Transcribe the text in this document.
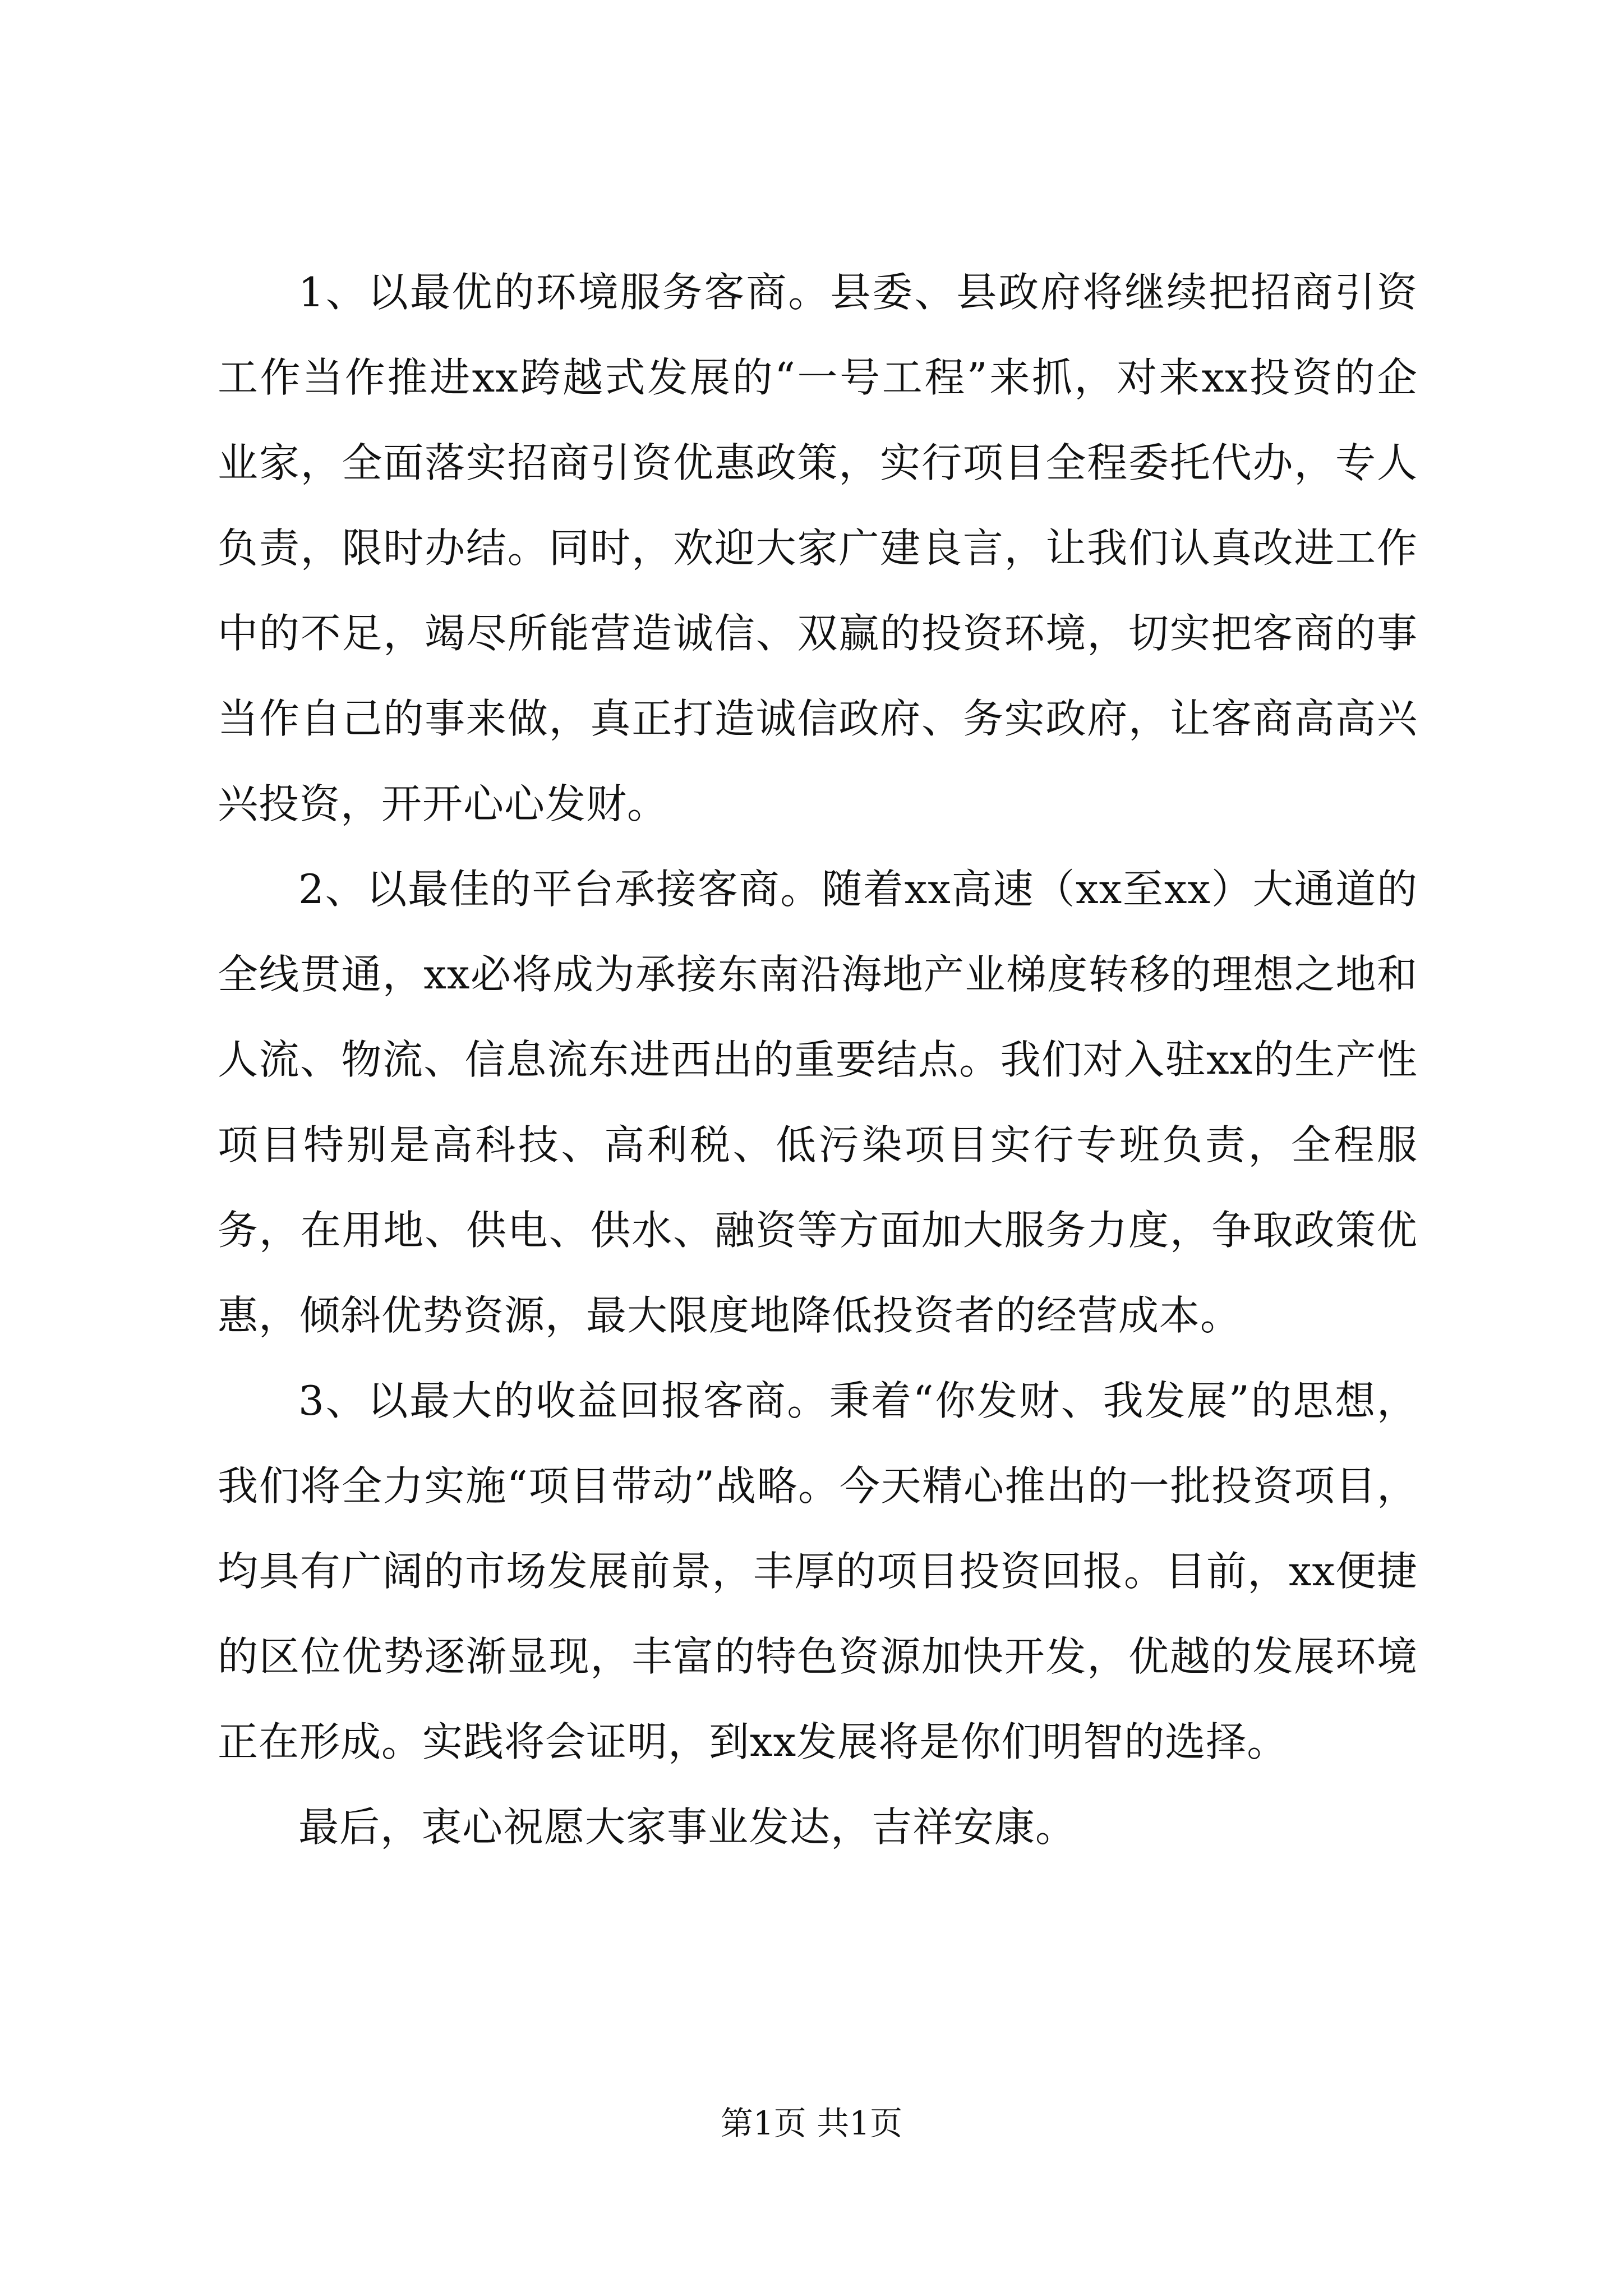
1、以最优的环境服务客商。县委、县政府将继续把招商引资工作当作推进xx跨越式发展的“一号工程”来抓，对来xx投资的企业家，全面落实招商引资优惠政策，实行项目全程委托代办，专人负责，限时办结。同时，欢迎大家广建良言，让我们认真改进工作中的不足，竭尽所能营造诚信、双赢的投资环境，切实把客商的事当作自己的事来做，真正打造诚信政府、务实政府，让客商高高兴兴投资，开开心心发财。

2、以最佳的平台承接客商。随着xx高速（xx至xx）大通道的全线贯通，xx必将成为承接东南沿海地产业梯度转移的理想之地和人流、物流、信息流东进西出的重要结点。我们对入驻xx的生产性项目特别是高科技、高利税、低污染项目实行专班负责，全程服务，在用地、供电、供水、融资等方面加大服务力度，争取政策优惠，倾斜优势资源，最大限度地降低投资者的经营成本。

3、以最大的收益回报客商。秉着“你发财、我发展”的思想，我们将全力实施“项目带动”战略。今天精心推出的一批投资项目，均具有广阔的市场发展前景，丰厚的项目投资回报。目前，xx便捷的区位优势逐渐显现，丰富的特色资源加快开发，优越的发展环境正在形成。实践将会证明，到xx发展将是你们明智的选择。

最后，衷心祝愿大家事业发达，吉祥安康。

第1页 共1页
